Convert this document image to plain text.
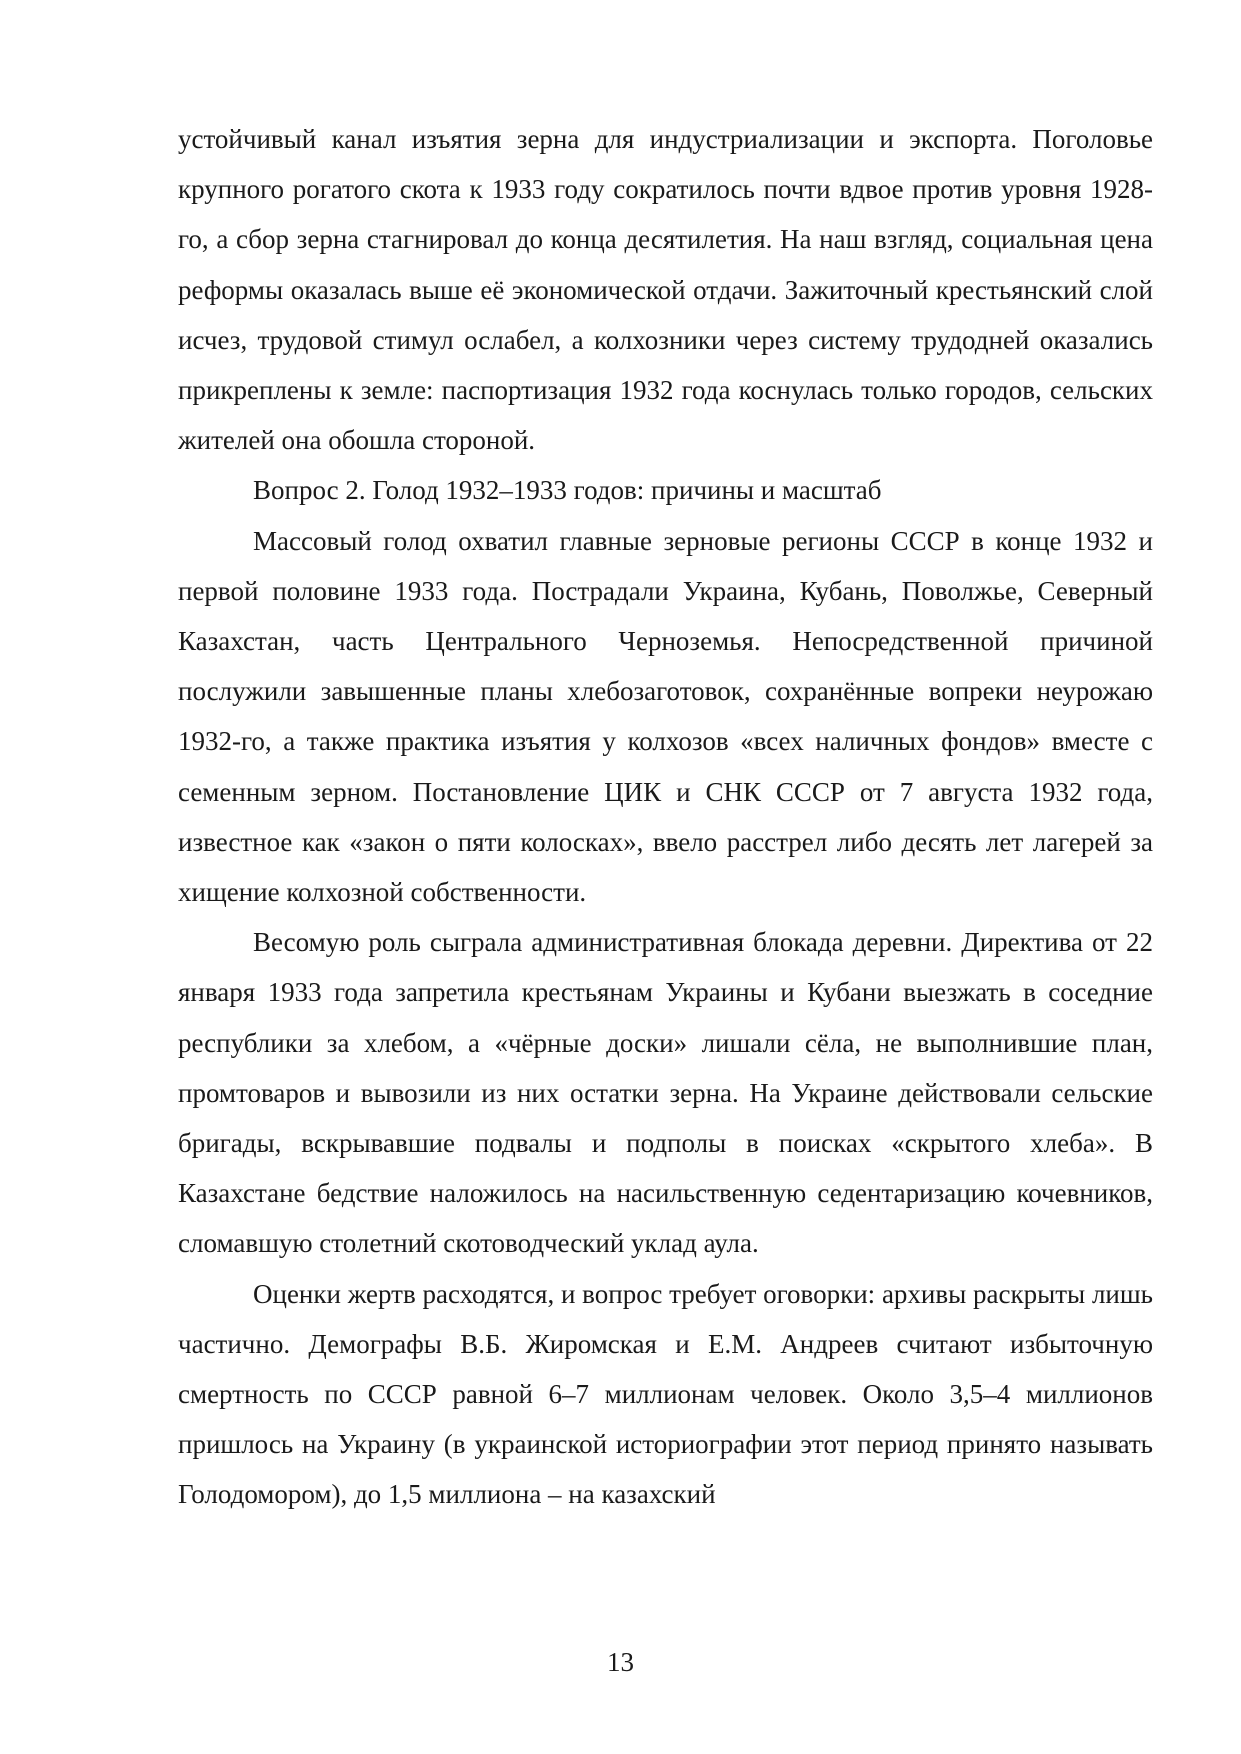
устойчивый канал изъятия зерна для индустриализации и экспорта. Поголовье крупного рогатого скота к 1933 году сократилось почти вдвое против уровня 1928-го, а сбор зерна стагнировал до конца десятилетия. На наш взгляд, социальная цена реформы оказалась выше её экономической отдачи. Зажиточный крестьянский слой исчез, трудовой стимул ослабел, а колхозники через систему трудодней оказались прикреплены к земле: паспортизация 1932 года коснулась только городов, сельских жителей она обошла стороной.

Вопрос 2. Голод 1932–1933 годов: причины и масштаб

Массовый голод охватил главные зерновые регионы СССР в конце 1932 и первой половине 1933 года. Пострадали Украина, Кубань, Поволжье, Северный Казахстан, часть Центрального Черноземья. Непосредственной причиной послужили завышенные планы хлебозаготовок, сохранённые вопреки неурожаю 1932-го, а также практика изъятия у колхозов «всех наличных фондов» вместе с семенным зерном. Постановление ЦИК и СНК СССР от 7 августа 1932 года, известное как «закон о пяти колосках», ввело расстрел либо десять лет лагерей за хищение колхозной собственности.

Весомую роль сыграла административная блокада деревни. Директива от 22 января 1933 года запретила крестьянам Украины и Кубани выезжать в соседние республики за хлебом, а «чёрные доски» лишали сёла, не выполнившие план, промтоваров и вывозили из них остатки зерна. На Украине действовали сельские бригады, вскрывавшие подвалы и подполы в поисках «скрытого хлеба». В Казахстане бедствие наложилось на насильственную седентаризацию кочевников, сломавшую столетний скотоводческий уклад аула.

Оценки жертв расходятся, и вопрос требует оговорки: архивы раскрыты лишь частично. Демографы В.Б. Жиромская и Е.М. Андреев считают избыточную смертность по СССР равной 6–7 миллионам человек. Около 3,5–4 миллионов пришлось на Украину (в украинской историографии этот период принято называть Голодомором), до 1,5 миллиона – на казахский

13
